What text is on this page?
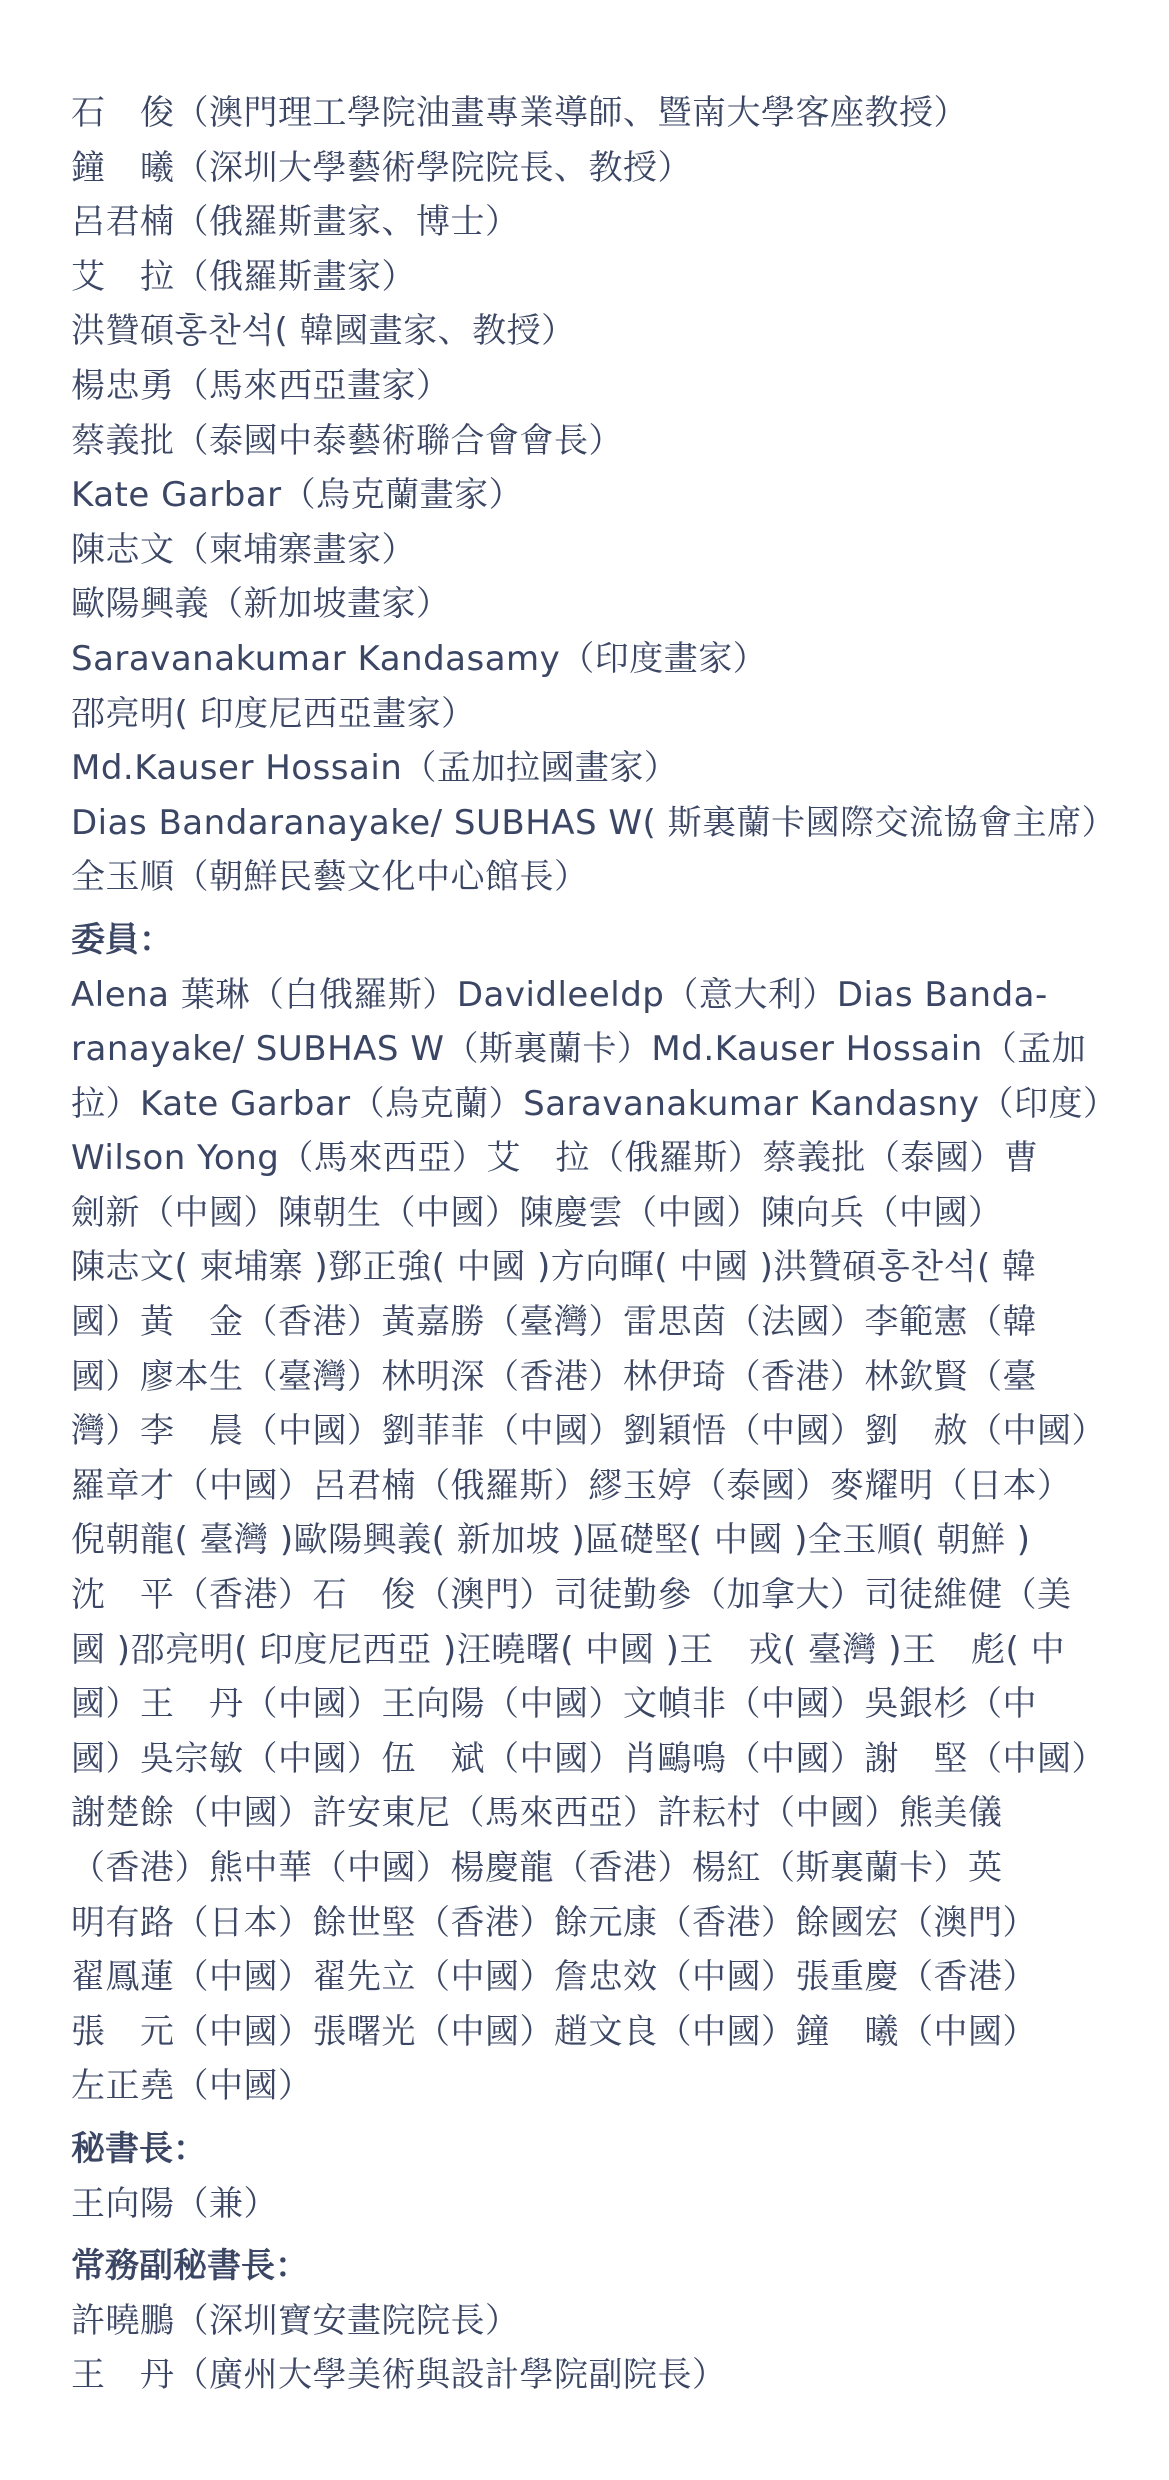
石　俊（澳門理工學院油畫專業導師、暨南大學客座教授）
鐘　曦（深圳大學藝術學院院長、教授）
呂君楠（俄羅斯畫家、博士）
艾　拉（俄羅斯畫家）
洪贊碩홍찬석( 韓國畫家、教授）
楊忠勇（馬來西亞畫家）
蔡義批（泰國中泰藝術聯合會會長）
Kate Garbar（烏克蘭畫家）
陳志文（柬埔寨畫家）
歐陽興義（新加坡畫家）
Saravanakumar Kandasamy（印度畫家）
邵亮明( 印度尼西亞畫家）
Md.Kauser Hossain（孟加拉國畫家）
Dias Bandaranayake/ SUBHAS W( 斯裏蘭卡國際交流協會主席）
全玉順（朝鮮民藝文化中心館長）
委員：
Alena 葉琳（白俄羅斯）Davidleeldp（意大利）Dias Banda-
ranayake/ SUBHAS W（斯裏蘭卡）Md.Kauser Hossain（孟加
拉）Kate Garbar（烏克蘭）Saravanakumar Kandasny（印度）
Wilson Yong（馬來西亞）艾　拉（俄羅斯）蔡義批（泰國）曹
劍新（中國）陳朝生（中國）陳慶雲（中國）陳向兵（中國）
陳志文( 柬埔寨 )鄧正強( 中國 )方向暉( 中國 )洪贊碩홍찬석( 韓
國）黃　金（香港）黃嘉勝（臺灣）雷思茵（法國）李範憲（韓
國）廖本生（臺灣）林明深（香港）林伊琦（香港）林欽賢（臺
灣）李　晨（中國）劉菲菲（中國）劉穎悟（中國）劉　赦（中國）
羅章才（中國）呂君楠（俄羅斯）繆玉婷（泰國）麥耀明（日本）
倪朝龍( 臺灣 )歐陽興義( 新加坡 )區礎堅( 中國 )全玉順( 朝鮮 )
沈　平（香港）石　俊（澳門）司徒勤參（加拿大）司徒維健（美
國 )邵亮明( 印度尼西亞 )汪曉曙( 中國 )王　戎( 臺灣 )王　彪( 中
國）王　丹（中國）王向陽（中國）文幀非（中國）吳銀杉（中
國）吳宗敏（中國）伍　斌（中國）肖鷗鳴（中國）謝　堅（中國）
謝楚餘（中國）許安東尼（馬來西亞）許耘村（中國）熊美儀
（香港）熊中華（中國）楊慶龍（香港）楊紅（斯裏蘭卡）英
明有路（日本）餘世堅（香港）餘元康（香港）餘國宏（澳門）
翟鳳蓮（中國）翟先立（中國）詹忠效（中國）張重慶（香港）
張　元（中國）張曙光（中國）趙文良（中國）鐘　曦（中國）
左正堯（中國）
秘書長：
王向陽（兼）
常務副秘書長：
許曉鵬（深圳寶安畫院院長）
王　丹（廣州大學美術與設計學院副院長）
